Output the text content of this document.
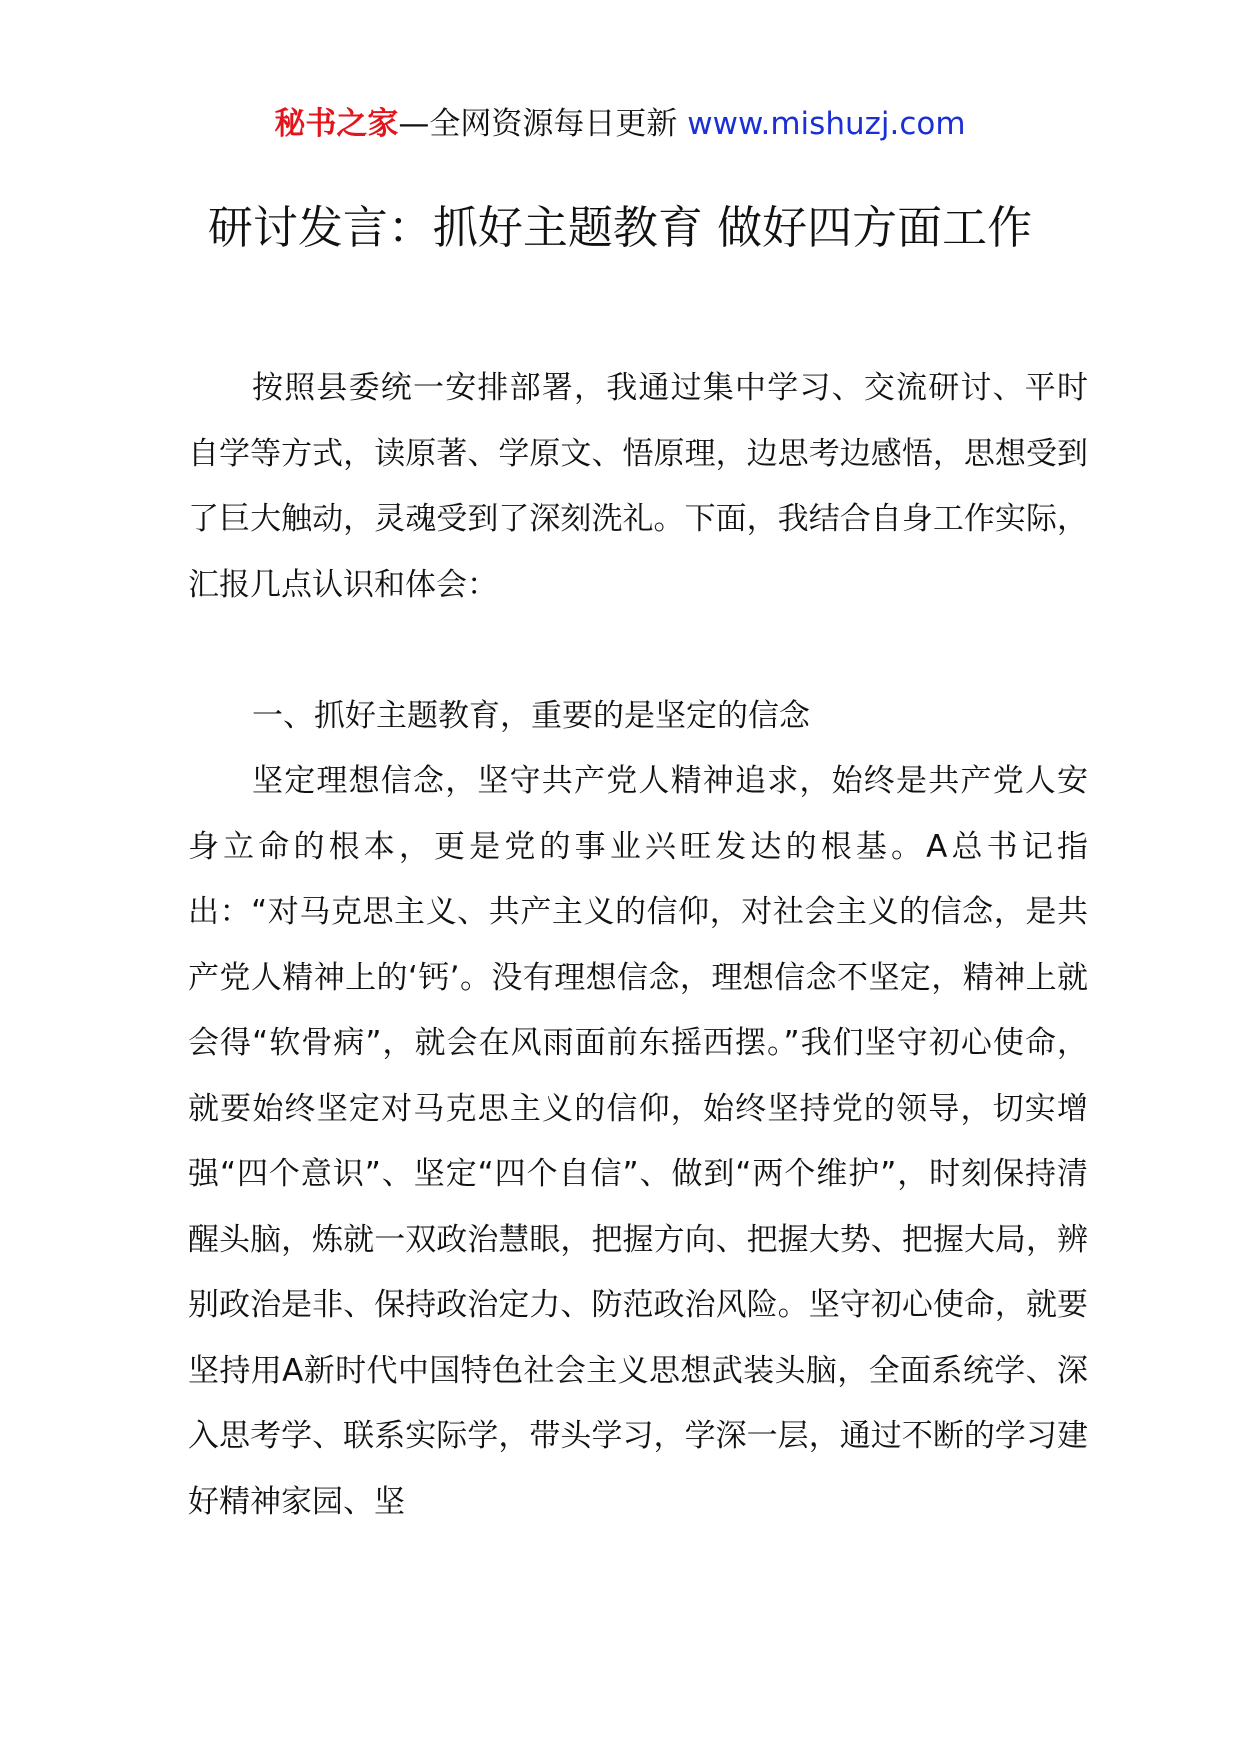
秘书之家—全网资源每日更新 www.mishuzj.com
研讨发言：抓好主题教育 做好四方面工作

按照县委统一安排部署，我通过集中学习、交流研讨、平时自学等方式，读原著、学原文、悟原理，边思考边感悟，思想受到了巨大触动，灵魂受到了深刻洗礼。下面，我结合自身工作实际，汇报几点认识和体会：

一、抓好主题教育，重要的是坚定的信念

坚定理想信念，坚守共产党人精神追求，始终是共产党人安身立命的根本，更是党的事业兴旺发达的根基。A总书记指出：“对马克思主义、共产主义的信仰，对社会主义的信念，是共产党人精神上的‘钙’。没有理想信念，理想信念不坚定，精神上就会得“软骨病”，就会在风雨面前东摇西摆。”我们坚守初心使命，就要始终坚定对马克思主义的信仰，始终坚持党的领导，切实增强“四个意识”、坚定“四个自信”、做到“两个维护”，时刻保持清醒头脑，炼就一双政治慧眼，把握方向、把握大势、把握大局，辨别政治是非、保持政治定力、防范政治风险。坚守初心使命，就要坚持用A新时代中国特色社会主义思想武装头脑，全面系统学、深入思考学、联系实际学，带头学习，学深一层，通过不断的学习建好精神家园、坚
